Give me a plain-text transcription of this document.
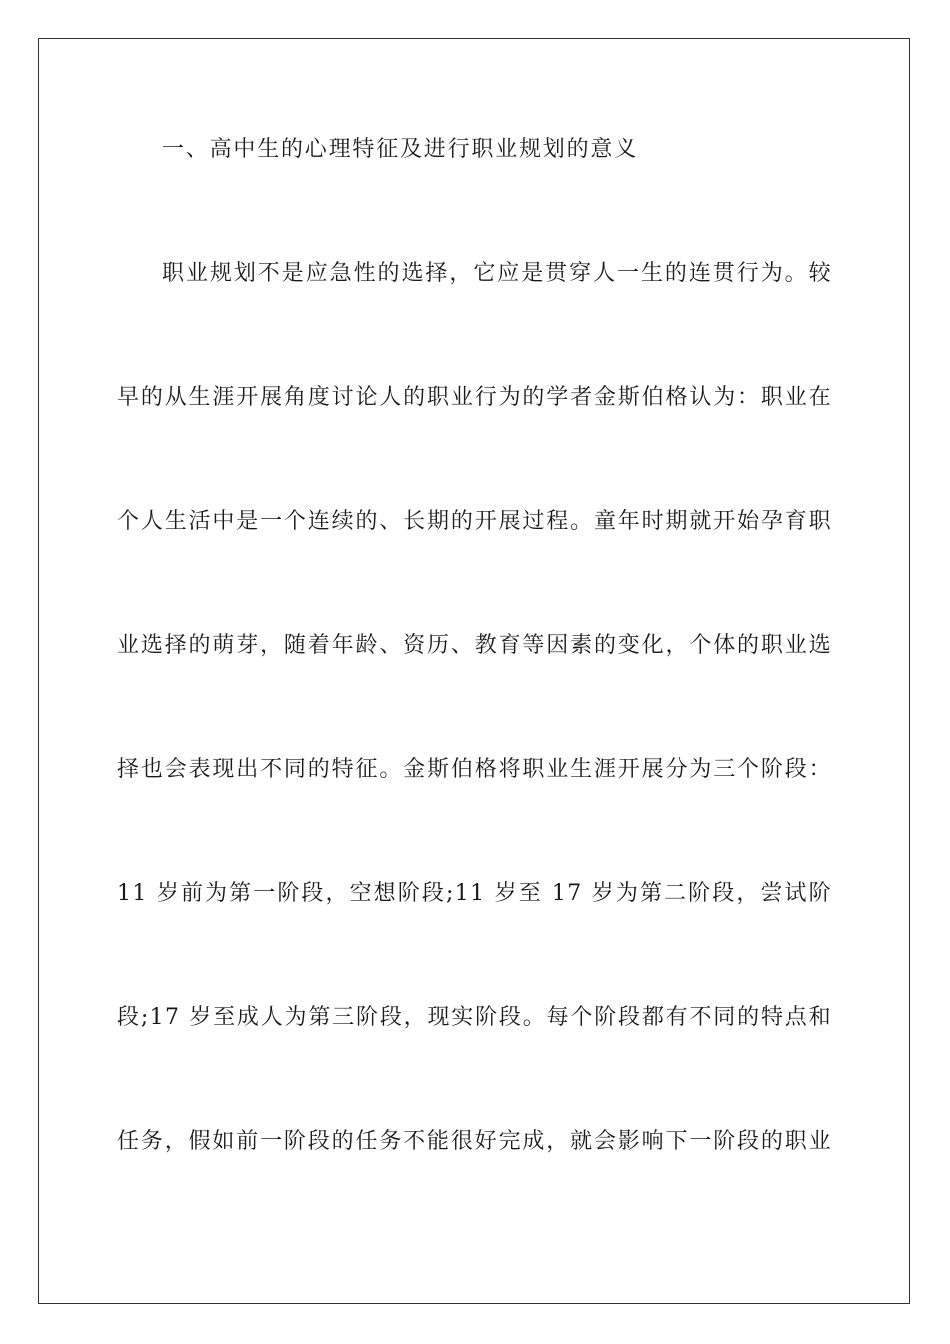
一、高中生的心理特征及进行职业规划的意义
职业规划不是应急性的选择，它应是贯穿人一生的连贯行为。较
早的从生涯开展角度讨论人的职业行为的学者金斯伯格认为：职业在
个人生活中是一个连续的、长期的开展过程。童年时期就开始孕育职
业选择的萌芽，随着年龄、资历、教育等因素的变化，个体的职业选
择也会表现出不同的特征。金斯伯格将职业生涯开展分为三个阶段：
11 岁前为第一阶段，空想阶段;11 岁至 17 岁为第二阶段，尝试阶
段;17 岁至成人为第三阶段，现实阶段。每个阶段都有不同的特点和
任务，假如前一阶段的任务不能很好完成，就会影响下一阶段的职业
